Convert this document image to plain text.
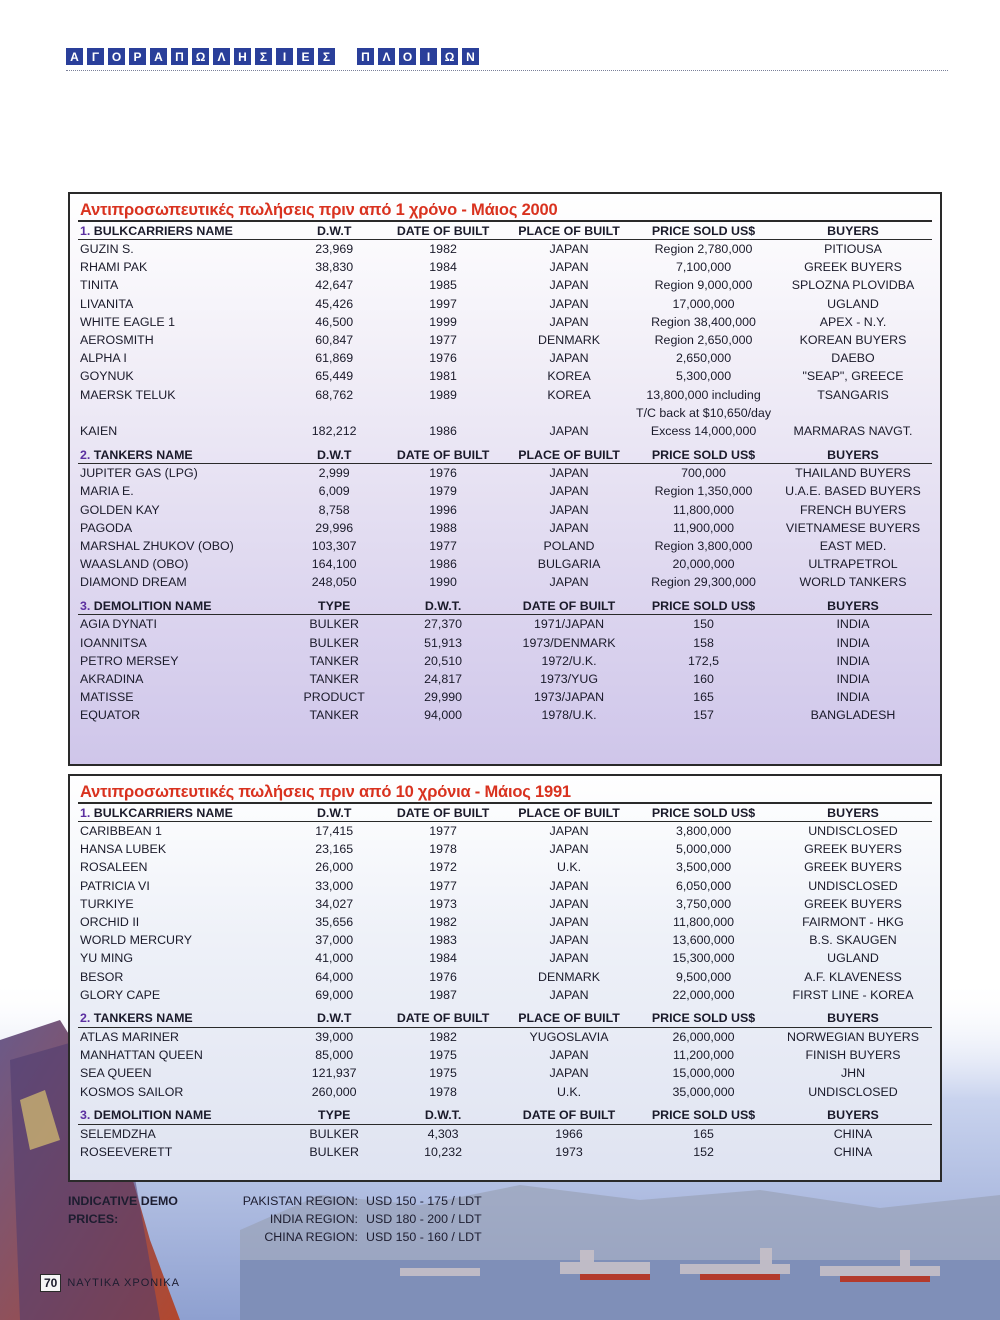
Α	Γ	Ο	Ρ	Α	Π Ω	Λ	Η	Σ	Ι	Ε	Σ	Π	Λ	Ο	Ι	Ω Ν
Αντιπροσωπευτικές πωλήσεις πριν από 1 χρόνο - Μάιος 2000
1. BULKCARRIERS NAME	D.W.T	DATE OF BUILT	PLACE OF BUILT	PRICE SOLD US$	BUYERS
GUZIN S.	23,969	1982	JAPAN	Region 2,780,000	PITIOUSA
RHAMI PAK	38,830	1984	JAPAN	7,100,000	GREEK BUYERS
TINITA	42,647	1985	JAPAN	Region 9,000,000	SPLOZNA PLOVIDBA
LIVANITA	45,426	1997	JAPAN	17,000,000	UGLAND
WHITE EAGLE 1	46,500	1999	JAPAN	Region 38,400,000	APEX - N.Y.
AEROSMITH	60,847	1977	DENMARK	Region 2,650,000	KOREAN BUYERS
ALPHA I	61,869	1976	JAPAN	2,650,000	DAEBO
GOYNUK	65,449	1981	KOREA	5,300,000	"SEAP", GREECE
MAERSK TELUK	68,762	1989	KOREA	13,800,000 including	TSANGARIS
				T/C back at $10,650/day	
KAIEN	182,212	1986	JAPAN	Excess 14,000,000	MARMARAS NAVGT.
2. TANKERS NAME	D.W.T	DATE OF BUILT	PLACE OF BUILT	PRICE SOLD US$	BUYERS
JUPITER GAS (LPG)	2,999	1976	JAPAN	700,000	THAILAND BUYERS
MARIA E.	6,009	1979	JAPAN	Region 1,350,000	U.A.E. BASED BUYERS
GOLDEN KAY	8,758	1996	JAPAN	11,800,000	FRENCH BUYERS
PAGODA	29,996	1988	JAPAN	11,900,000	VIETNAMESE BUYERS
MARSHAL ZHUKOV (OBO)	103,307	1977	POLAND	Region 3,800,000	EAST MED.
WAASLAND (OBO)	164,100	1986	BULGARIA	20,000,000	ULTRAPETROL
DIAMOND DREAM	248,050	1990	JAPAN	Region 29,300,000	WORLD TANKERS
3. DEMOLITION NAME	TYPE	D.W.T.	DATE OF BUILT	PRICE SOLD US$	BUYERS
AGIA DYNATI	BULKER	27,370	1971/JAPAN	150	INDIA
IOANNITSA	BULKER	51,913	1973/DENMARK	158	INDIA
PETRO MERSEY	TANKER	20,510	1972/U.K.	172,5	INDIA
AKRADINA	TANKER	24,817	1973/YUG	160	INDIA
MATISSE	PRODUCT	29,990	1973/JAPAN	165	INDIA
EQUATOR	TANKER	94,000	1978/U.K.	157	BANGLADESH
Αντιπροσωπευτικές πωλήσεις πριν από 10 χρόνια - Μάιος 1991
1. BULKCARRIERS NAME	D.W.T	DATE OF BUILT	PLACE OF BUILT	PRICE SOLD US$	BUYERS
CARIBBEAN 1	17,415	1977	JAPAN	3,800,000	UNDISCLOSED
HANSA LUBEK	23,165	1978	JAPAN	5,000,000	GREEK BUYERS
ROSALEEN	26,000	1972	U.K.	3,500,000	GREEK BUYERS
PATRICIA VI	33,000	1977	JAPAN	6,050,000	UNDISCLOSED
TURKIYE	34,027	1973	JAPAN	3,750,000	GREEK BUYERS
ORCHID II	35,656	1982	JAPAN	11,800,000	FAIRMONT - HKG
WORLD MERCURY	37,000	1983	JAPAN	13,600,000	B.S. SKAUGEN
YU MING	41,000	1984	JAPAN	15,300,000	UGLAND
BESOR	64,000	1976	DENMARK	9,500,000	A.F. KLAVENESS
GLORY CAPE	69,000	1987	JAPAN	22,000,000	FIRST LINE - KOREA
2. TANKERS NAME	D.W.T	DATE OF BUILT	PLACE OF BUILT	PRICE SOLD US$	BUYERS
ATLAS MARINER	39,000	1982	YUGOSLAVIA	26,000,000	NORWEGIAN BUYERS
MANHATTAN QUEEN	85,000	1975	JAPAN	11,200,000	FINISH BUYERS
SEA QUEEN	121,937	1975	JAPAN	15,000,000	JHN
KOSMOS SAILOR	260,000	1978	U.K.	35,000,000	UNDISCLOSED
3. DEMOLITION NAME	TYPE	D.W.T.	DATE OF BUILT	PRICE SOLD US$	BUYERS
SELEMDZHA	BULKER	4,303	1966	165	CHINA
ROSEEVERETT	BULKER	10,232	1973	152	CHINA
INDICATIVE DEMO PRICES:
PAKISTAN REGION: USD 150 - 175 / LDT
INDIA REGION: USD 180 - 200 / LDT
CHINA REGION: USD 150 - 160 / LDT
70 ΝΑΥΤΙΚΑ ΧΡΟΝΙΚΑ
